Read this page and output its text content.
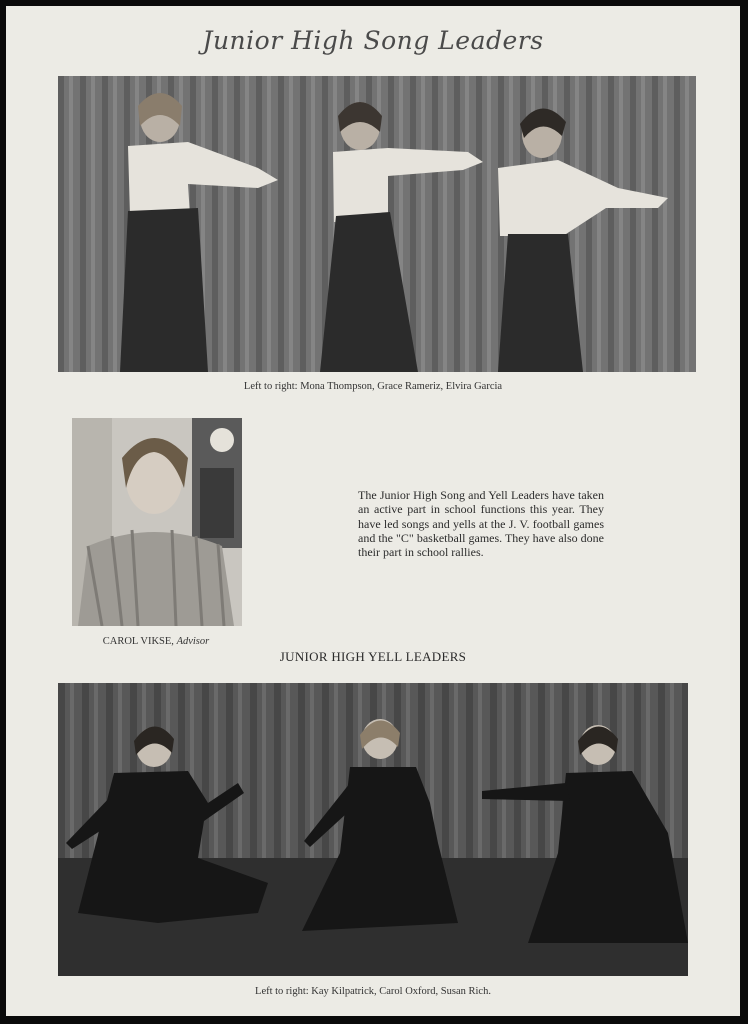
Junior High Song Leaders
Left to right: Mona Thompson, Grace Rameriz, Elvira Garcia
CAROL VIKSE, Advisor
The Junior High Song and Yell Leaders have taken an active part in school functions this year. They have led songs and yells at the J. V. football games and the "C" basketball games. They have also done their part in school rallies.
JUNIOR HIGH YELL LEADERS
Left to right: Kay Kilpatrick, Carol Oxford, Susan Rich.
